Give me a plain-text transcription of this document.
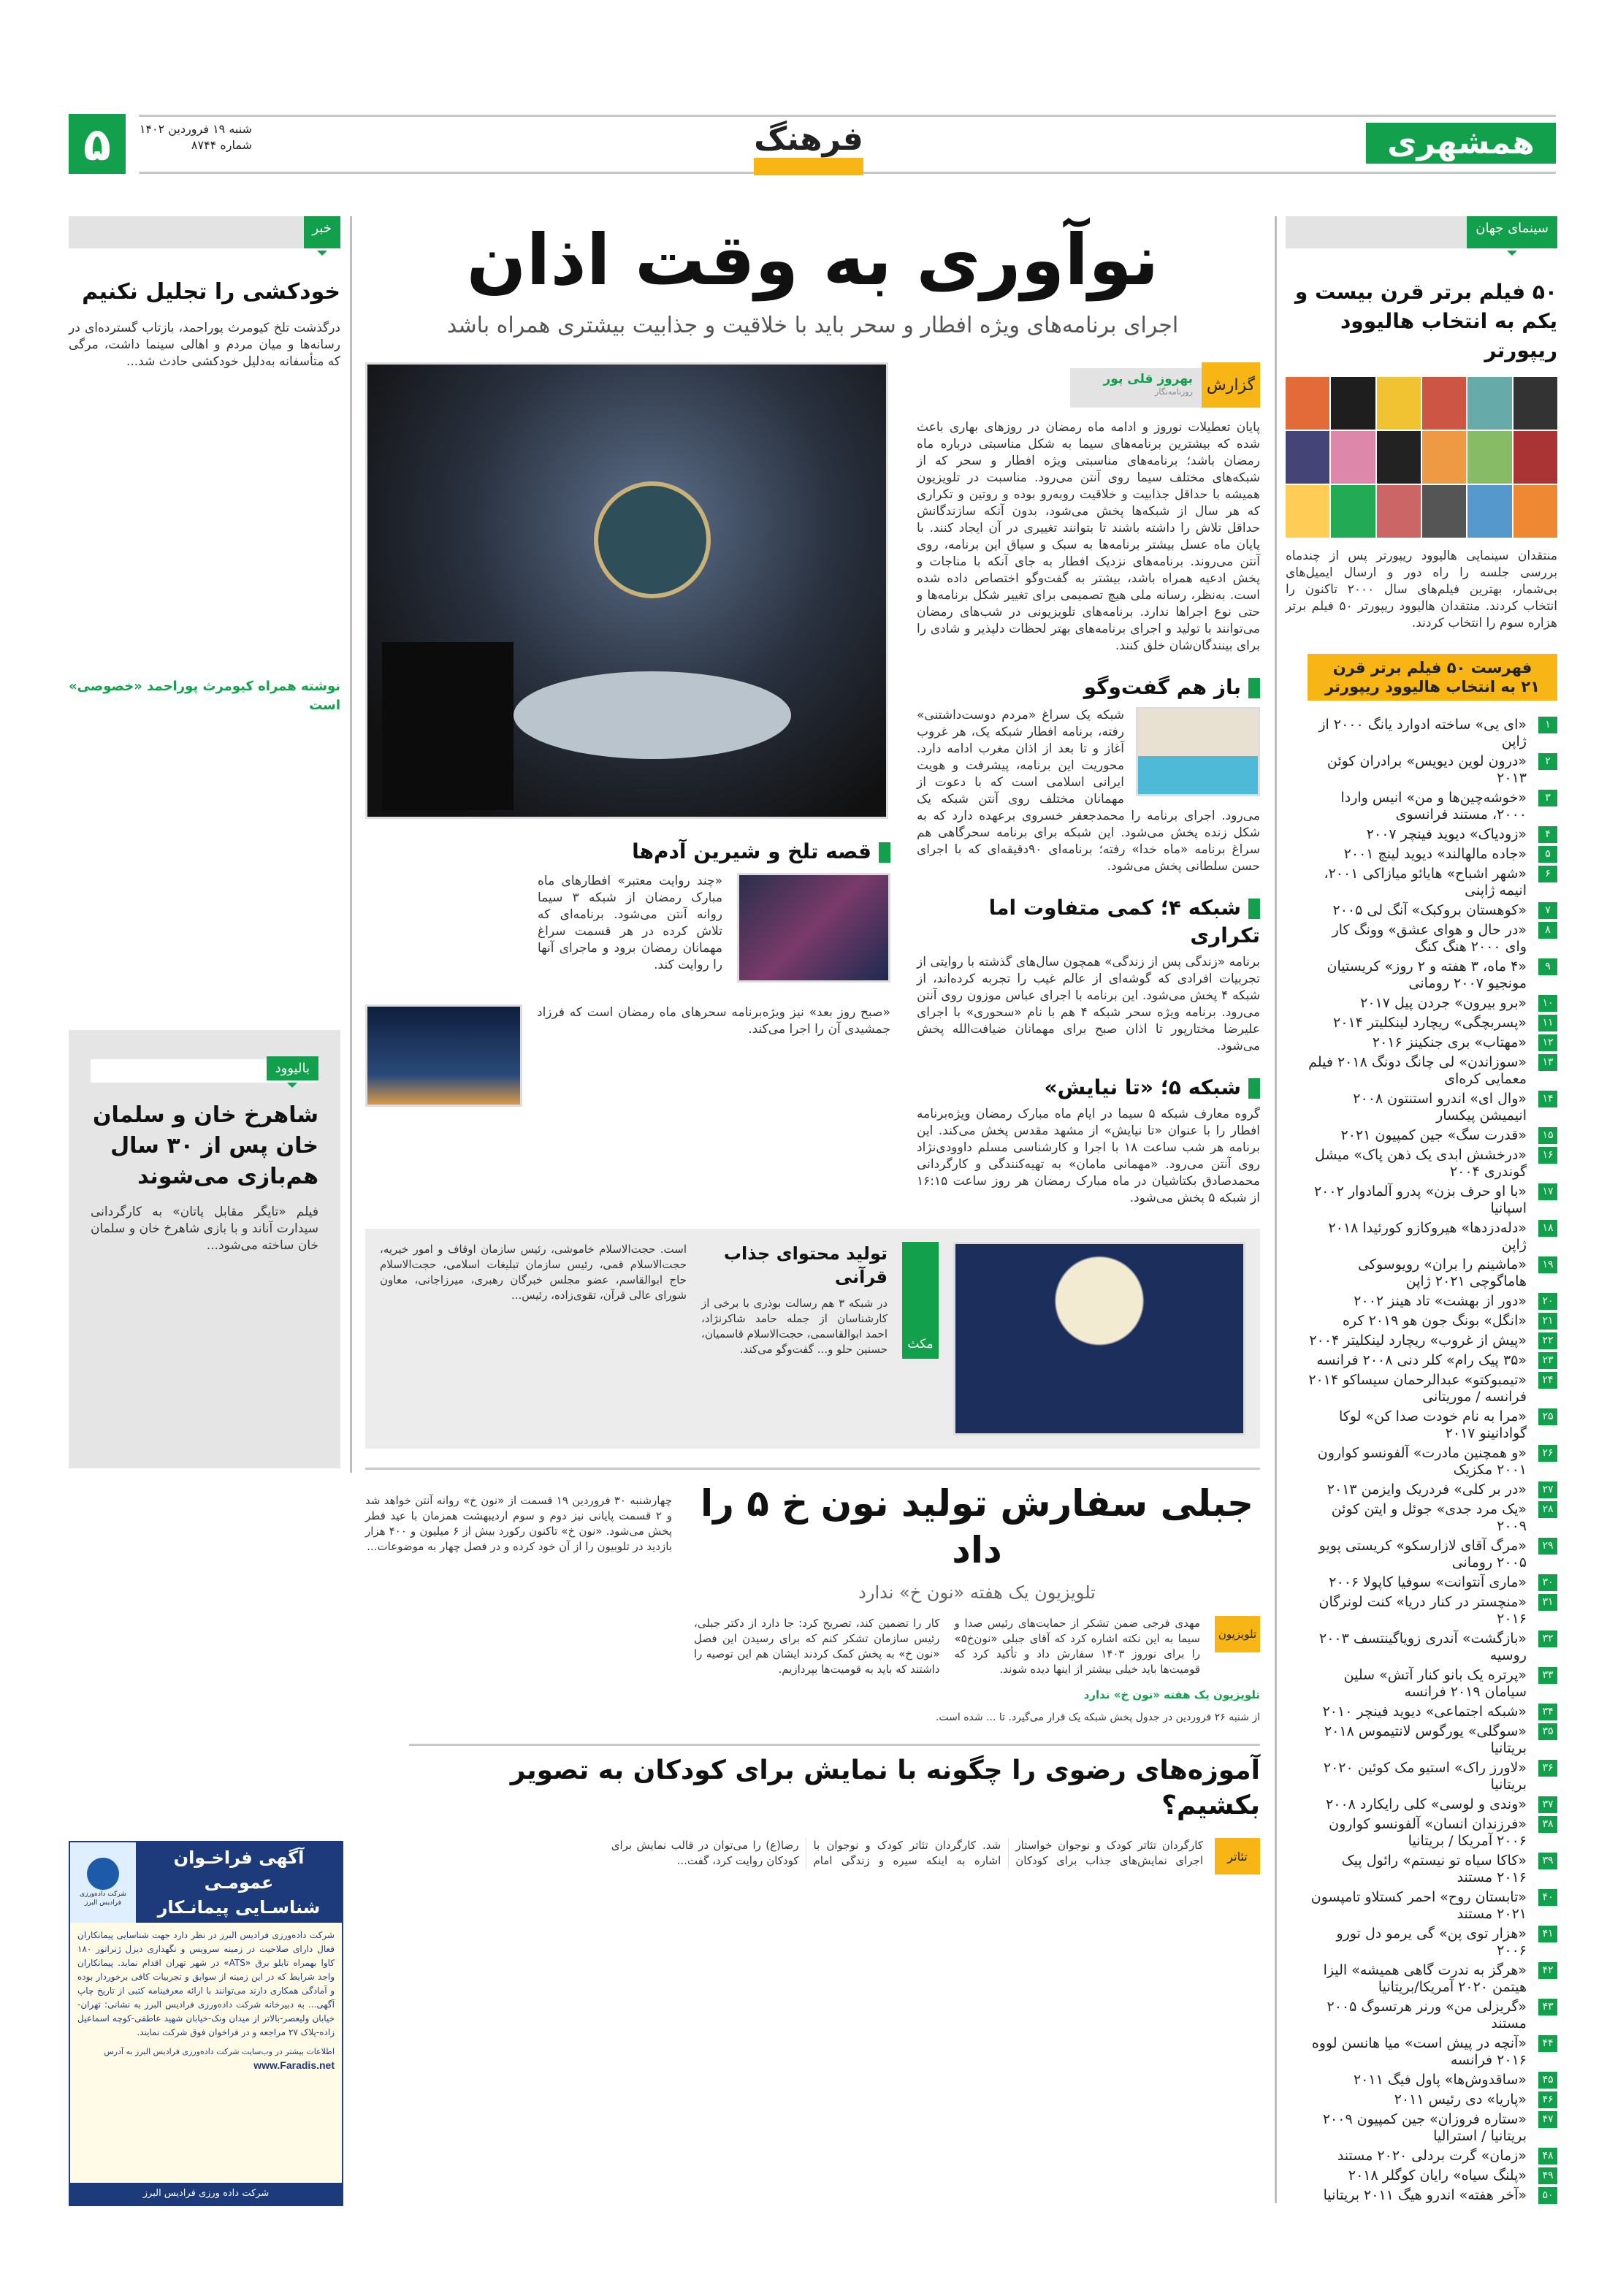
۵	شنبه ۱۹ فروردین ۱۴۰۲
شماره ۸۷۴۴	فرهنگ	همشهری
خبر
خودکشی را تجلیل نکنیم
درگذشت تلخ کیومرث پوراحمد، بازتاب گسترده‌ای در رسانه‌ها و میان مردم و اهالی سینما داشت، مرگی که متأسفانه به‌دلیل خودکشی حادث شد...
نوشته همراه کیومرث پوراحمد «خصوصی» است
بالیوود
شاهرخ خان و سلمان خان پس از ۳۰ سال هم‌بازی می‌شوند
فیلم «تایگر مقابل پاتان» به کارگردانی سیدارت آناند و با بازی شاهرخ خان و سلمان خان ساخته می‌شود...
شرکت داده‌ورزی فرادیس البرز
آگهی فراخـوان عمومـی
شناسـایی پیمانـکار
شرکت داده‌ورزی فرادیس البرز در نظر دارد جهت شناسایی پیمانکاران فعال دارای صلاحیت در زمینه سرویس و نگهداری دیزل ژنراتور ۱۸۰ کاوا بهمراه تابلو برق «ATS» در شهر تهران اقدام نماید. پیمانکاران واجد شرایط که در این زمینه از سوابق و تجربیات کافی برخوردار بوده و آمادگی همکاری دارند می‌توانند با ارائه معرفینامه کتبی از تاریخ چاپ آگهی... به دبیرخانه شرکت داده‌ورزی فرادیس البرز به نشانی: تهران-خیابان ولیعصر-بالاتر از میدان ونک-خیابان شهید عاطفی-کوچه اسماعیل زاده-پلاک ۲۷ مراجعه و در فراخوان فوق شرکت نمایند.
اطلاعات بیشتر در وب‌سایت شرکت داده‌ورزی فرادیس البرز به آدرس www.Faradis.net
شرکت داده ورزی فرادیس البرز
نوآوری به وقت اذان
اجرای برنامه‌های ویژه افطار و سحر باید با خلاقیت و جذابیت بیشتری همراه باشد
قصه تلخ و شیرین آدم‌ها
«چند روایت معتبر» افطارهای ماه مبارک رمضان از شبکه ۳ سیما روانه آنتن می‌شود. برنامه‌ای که تلاش کرده در هر قسمت سراغ مهمانان رمضان برود و ماجرای آنها را روایت کند.
«صبح روز بعد» نیز ویژه‌برنامه سحرهای ماه رمضان است که فرزاد جمشیدی آن را اجرا می‌کند.
گزارش
بهروز قلی پور
روزنامه‌نگار
پایان تعطیلات نوروز و ادامه ماه رمضان در روزهای بهاری باعث شده که بیشترین برنامه‌های سیما به شکل مناسبتی درباره ماه رمضان باشد؛ برنامه‌های مناسبتی ویژه افطار و سحر که از شبکه‌های مختلف سیما روی آنتن می‌رود. مناسبت در تلویزیون همیشه با حداقل جذابیت و خلاقیت روبه‌رو بوده و روتین و تکراری که هر سال از شبکه‌ها پخش می‌شود، بدون آنکه سازندگانش حداقل تلاش را داشته باشند تا بتوانند تغییری در آن ایجاد کنند. با پایان ماه عسل بیشتر برنامه‌ها به سبک و سیاق این برنامه، روی آنتن می‌روند. برنامه‌های نزدیک افطار به جای آنکه با مناجات و پخش ادعیه همراه باشد، بیشتر به گفت‌وگو اختصاص داده شده است. به‌نظر، رسانه ملی هیچ تصمیمی برای تغییر شکل برنامه‌ها و حتی نوع اجراها ندارد. برنامه‌های تلویزیونی در شب‌های رمضان می‌توانند با تولید و اجرای برنامه‌های بهتر لحظات دلپذیر و شادی را برای بینندگان‌شان خلق کنند.
باز هم گفت‌وگو
شبکه یک سراغ «مردم دوست‌داشتنی» رفته، برنامه افطار شبکه یک، هر غروب آغاز و تا بعد از اذان مغرب ادامه دارد. محوریت این برنامه، پیشرفت و هویت ایرانی اسلامی است که با دعوت از مهمانان مختلف روی آنتن شبکه یک می‌رود. اجرای برنامه را محمدجعفر خسروی برعهده دارد که به شکل زنده پخش می‌شود. این شبکه برای برنامه سحرگاهی هم سراغ برنامه «ماه خدا» رفته؛ برنامه‌ای ۹۰دقیقه‌ای که با اجرای حسن سلطانی پخش می‌شود.
شبکه ۴؛ کمی متفاوت اما تکراری
برنامه «زندگی پس از زندگی» همچون سال‌های گذشته با روایتی از تجربیات افرادی که گوشه‌ای از عالم غیب را تجربه کرده‌اند، از شبکه ۴ پخش می‌شود. این برنامه با اجرای عباس موزون روی آنتن می‌رود. برنامه ویژه سحر شبکه ۴ هم با نام «سحوری» با اجرای علیرضا مختارپور تا اذان صبح برای مهمانان ضیافت‌الله پخش می‌شود.
شبکه ۵؛ «تا نیایش»
گروه معارف شبکه ۵ سیما در ایام ماه مبارک رمضان ویژه‌برنامه افطار را با عنوان «تا نیایش» از مشهد مقدس پخش می‌کند. این برنامه هر شب ساعت ۱۸ با اجرا و کارشناسی مسلم داوودی‌نژاد روی آنتن می‌رود. «مهمانی مامان» به تهیه‌کنندگی و کارگردانی محمدصادق بکتاشیان در ماه مبارک رمضان هر روز ساعت ۱۶:۱۵ از شبکه ۵ پخش می‌شود.
است. حجت‌الاسلام خاموشی، رئیس سازمان اوقاف و امور خیریه، حجت‌الاسلام قمی، رئیس سازمان تبلیغات اسلامی، حجت‌الاسلام حاج ابوالقاسم، عضو مجلس خبرگان رهبری، میرزاجانی، معاون شورای عالی قرآن، تقوی‌زاده، رئیس...
تولید محتوای جذاب قرآنی
در شبکه ۳ هم رسالت بوذری با برخی از کارشناسان از جمله حامد شاکرنژاد، احمد ابوالقاسمی، حجت‌الاسلام قاسمیان، حسنین حلو و... گفت‌وگو می‌کند.	مکث
چهارشنبه ۳۰ فروردین ۱۹ قسمت از «نون خ» روانه آنتن خواهد شد و ۲ قسمت پایانی نیز دوم و سوم اردیبهشت همزمان با عید فطر پخش می‌شود. «نون خ» تاکنون رکورد بیش از ۶ میلیون و ۴۰۰ هزار بازدید در تلوبیون را از آن خود کرده و در فصل چهار به موضوعات...
جبلی سفارش تولید نون خ ۵ را داد
تلویزیون یک هفته «نون خ» ندارد
تلویزیون
مهدی فرجی ضمن تشکر از حمایت‌های رئیس صدا و سیما به این نکته اشاره کرد که آقای جبلی «نون‌خ۵» را برای نوروز ۱۴۰۳ سفارش داد و تأکید کرد که قومیت‌ها باید خیلی بیشتر از اینها دیده شوند.
کار را تضمین کند، تصریح کرد: جا دارد از دکتر جبلی، رئیس سازمان تشکر کنم که برای رسیدن این فصل «نون خ» به پخش کمک کردند ایشان هم این توصیه را داشتند که باید به قومیت‌ها بپردازیم.
تلویزیون یک هفته «نون خ» ندارد
از شنبه ۲۶ فروردین در جدول پخش شبکه یک قرار می‌گیرد. تا ... شده است.
آموزه‌های رضوی را چگونه با نمایش برای کودکان به تصویر بکشیم؟
تئاتر
کارگردان تئاتر کودک و نوجوان خواستار اجرای نمایش‌های جذاب برای کودکان شد. کارگردان تئاتر کودک و نوجوان با اشاره به اینکه سیره و زندگی امام رضا(ع) را می‌توان در قالب نمایش برای کودکان روایت کرد، گفت...
سینمای جهان
۵۰ فیلم برتر قرن بیست و یکم به انتخاب هالیوود ریپورتر
منتقدان سینمایی هالیوود ریپورتر پس از چندماه بررسی جلسه را راه دور و ارسال ایمیل‌های بی‌شمار، بهترین فیلم‌های سال ۲۰۰۰ تاکنون را انتخاب کردند. منتقدان هالیوود ریپورتر ۵۰ فیلم برتر هزاره سوم را انتخاب کردند.
فهرست ۵۰ فیلم برتر قرن ۲۱ به انتخاب هالیوود ریپورتر
۱
«ای یی» ساخته ادوارد یانگ ۲۰۰۰ از ژاپن
۲
«درون لوین دیویس» برادران کوئن ۲۰۱۳
۳
«خوشه‌چین‌ها و من» انیس واردا ۲۰۰۰، مستند فرانسوی
۴
«زودیاک» دیوید فینچر ۲۰۰۷
۵
«جاده مالهالند» دیوید لینچ ۲۰۰۱
۶
«شهر اشباح» هایائو میازاکی ۲۰۰۱، انیمه ژاپنی
۷
«کوهستان بروکبک» آنگ لی ۲۰۰۵
۸
«در حال و هوای عشق» وونگ کار وای ۲۰۰۰ هنگ کنگ
۹
«۴ ماه، ۳ هفته و ۲ روز» کریستیان مونجیو ۲۰۰۷ رومانی
۱۰
«برو بیرون» جردن پیل ۲۰۱۷
۱۱
«پسربچگی» ریچارد لینکلیتر ۲۰۱۴
۱۲
«مهتاب» بری جنکینز ۲۰۱۶
۱۳
«سوزاندن» لی چانگ دونگ ۲۰۱۸ فیلم معمایی کره‌ای
۱۴
«وال ای» اندرو استنتون ۲۰۰۸ انیمیشن پیکسار
۱۵
«قدرت سگ» جین کمپیون ۲۰۲۱
۱۶
«درخشش ابدی یک ذهن پاک» میشل گوندری ۲۰۰۴
۱۷
«با او حرف بزن» پدرو آلمادوار ۲۰۰۲ اسپانیا
۱۸
«دله‌دزدها» هیروکازو کورئیدا ۲۰۱۸ ژاپن
۱۹
«ماشینم را بران» رویوسوکی هاماگوچی ۲۰۲۱ ژاپن
۲۰
«دور از بهشت» تاد هینز ۲۰۰۲
۲۱
«انگل» بونگ جون هو ۲۰۱۹ کره
۲۲
«پیش از غروب» ریچارد لینکلیتر ۲۰۰۴
۲۳
«۳۵ پیک رام» کلر دنی ۲۰۰۸ فرانسه
۲۴
«تیمبوکتو» عبدالرحمان سیساکو ۲۰۱۴ فرانسه / موریتانی
۲۵
«مرا به نام خودت صدا کن» لوکا گوادانینو ۲۰۱۷
۲۶
«و همچنین مادرت» آلفونسو کوارون ۲۰۰۱ مکزیک
۲۷
«در بر کلی» فردریک وایزمن ۲۰۱۳
۲۸
«یک مرد جدی» جوئل و ایتن کوئن ۲۰۰۹
۲۹
«مرگ آقای لازارسکو» کریستی پویو ۲۰۰۵ رومانی
۳۰
«ماری آنتوانت» سوفیا کاپولا ۲۰۰۶
۳۱
«منچستر در کنار دریا» کنت لونرگان ۲۰۱۶
۳۲
«بازگشت» آندری زویاگینتسف ۲۰۰۳ روسیه
۳۳
«پرتره یک بانو کنار آتش» سلین سیامان ۲۰۱۹ فرانسه
۳۴
«شبکه اجتماعی» دیوید فینچر ۲۰۱۰
۳۵
«سوگلی» یورگوس لانتیموس ۲۰۱۸ بریتانیا
۳۶
«لاورز راک» استیو مک کوئین ۲۰۲۰ بریتانیا
۳۷
«وندی و لوسی» کلی رایکارد ۲۰۰۸
۳۸
«فرزندان انسان» آلفونسو کوارون ۲۰۰۶ آمریکا / بریتانیا
۳۹
«کاکا سیاه تو نیستم» رائول پیک ۲۰۱۶ مستند
۴۰
«تابستان روح» احمر کستلاو تامپسون ۲۰۲۱ مستند
۴۱
«هزار توی پن» گی یرمو دل تورو ۲۰۰۶
۴۲
«هرگز به ندرت گاهی همیشه» الیزا هیتمن ۲۰۲۰ آمریکا/بریتانیا
۴۳
«گریزلی من» ورنر هرتسوگ ۲۰۰۵ مستند
۴۴
«آنچه در پیش است» میا هانسن لووه ۲۰۱۶ فرانسه
۴۵
«ساقدوش‌ها» پاول فیگ ۲۰۱۱
۴۶
«پاریا» دی رئیس ۲۰۱۱
۴۷
«ستاره فروزان» جین کمپیون ۲۰۰۹ بریتانیا / استرالیا
۴۸
«زمان» گرت بردلی ۲۰۲۰ مستند
۴۹
«پلنگ سیاه» رایان کوگلر ۲۰۱۸
۵۰
«آخر هفته» اندرو هیگ ۲۰۱۱ بریتانیا
